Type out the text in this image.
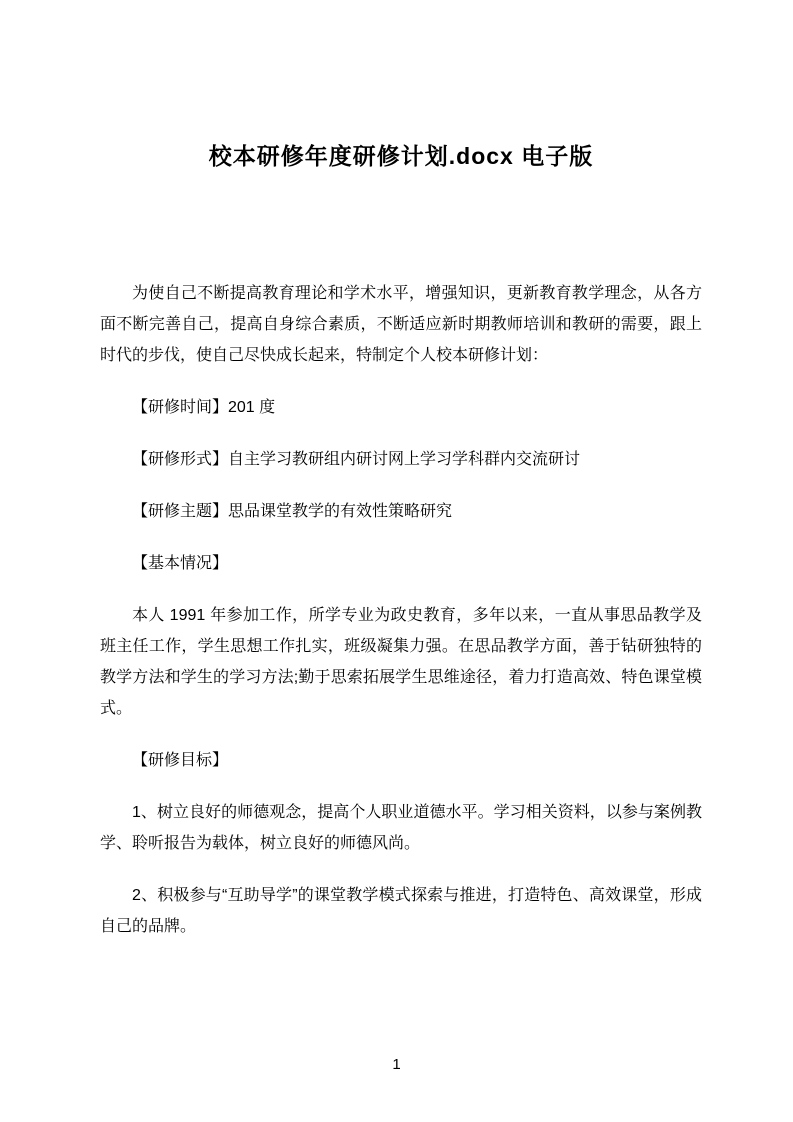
校本研修年度研修计划.docx 电子版

为使自己不断提高教育理论和学术水平，增强知识，更新教育教学理念，从各方面不断完善自己，提高自身综合素质，不断适应新时期教师培训和教研的需要，跟上时代的步伐，使自己尽快成长起来，特制定个人校本研修计划：

【研修时间】201 度

【研修形式】自主学习教研组内研讨网上学习学科群内交流研讨

【研修主题】思品课堂教学的有效性策略研究

【基本情况】

本人 1991 年参加工作，所学专业为政史教育，多年以来，一直从事思品教学及班主任工作，学生思想工作扎实，班级凝集力强。在思品教学方面，善于钻研独特的教学方法和学生的学习方法;勤于思索拓展学生思维途径，着力打造高效、特色课堂模式。

【研修目标】

1、树立良好的师德观念，提高个人职业道德水平。学习相关资料，以参与案例教学、聆听报告为载体，树立良好的师德风尚。

2、积极参与“互助导学”的课堂教学模式探索与推进，打造特色、高效课堂，形成自己的品牌。

1
